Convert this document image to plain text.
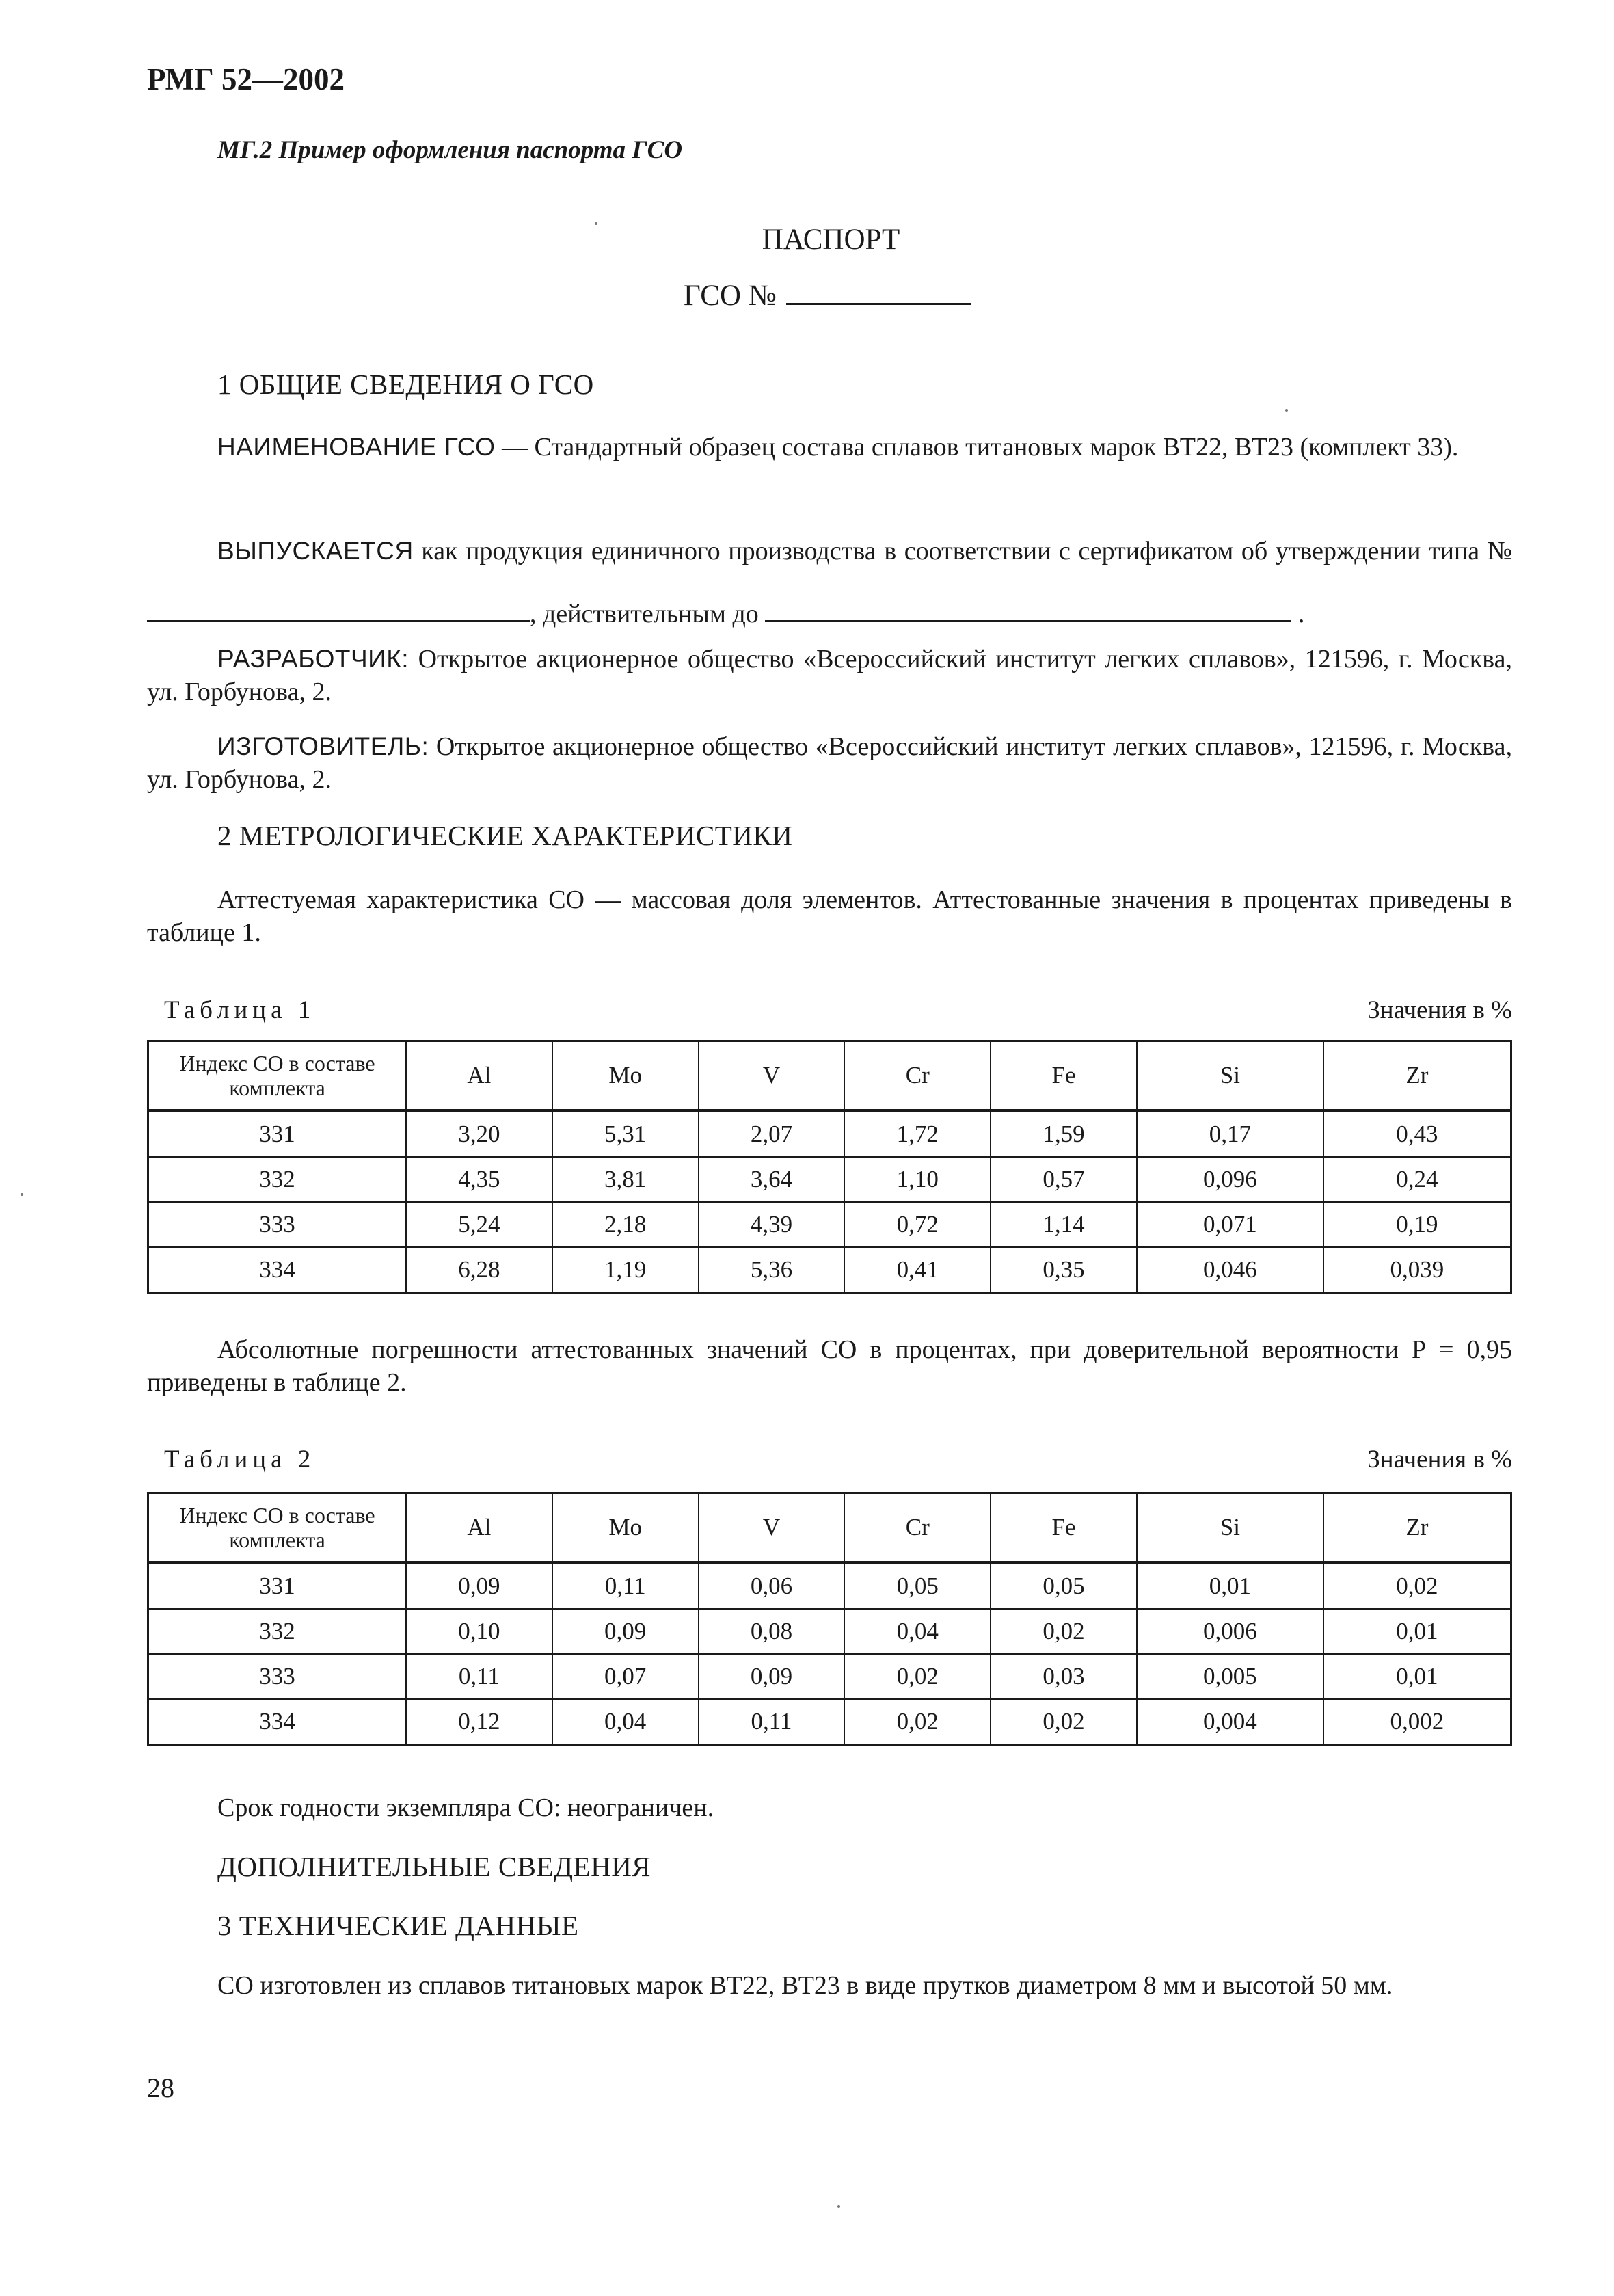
РМГ 52—2002
МГ.2 Пример оформления паспорта ГСО
ПАСПОРТ
ГСО №
1 ОБЩИЕ СВЕДЕНИЯ О ГСО
НАИМЕНОВАНИЕ ГСО — Стандартный образец состава сплавов титановых марок ВТ22, ВТ23 (комплект 33).
ВЫПУСКАЕТСЯ как продукция единичного производства в соответствии с сертификатом об утверждении типа № , действительным до	.
РАЗРАБОТЧИК: Открытое акционерное общество «Всероссийский институт легких сплавов», 121596, г. Москва, ул. Горбунова, 2.
ИЗГОТОВИТЕЛЬ: Открытое акционерное общество «Всероссийский институт легких сплавов», 121596, г. Москва, ул. Горбунова, 2.
2 МЕТРОЛОГИЧЕСКИЕ ХАРАКТЕРИСТИКИ
Аттестуемая характеристика СО — массовая доля элементов. Аттестованные значения в процентах приведены в таблице 1.
Таблица 1	Значения в %
Индекс СО в составе комплекта	Al	Mo	V	Cr	Fe	Si	Zr
331	3,20	5,31	2,07	1,72	1,59	0,17	0,43
332	4,35	3,81	3,64	1,10	0,57	0,096	0,24
333	5,24	2,18	4,39	0,72	1,14	0,071	0,19
334	6,28	1,19	5,36	0,41	0,35	0,046	0,039
Абсолютные погрешности аттестованных значений СО в процентах, при доверительной вероятности Р = 0,95 приведены в таблице 2.
Таблица 2	Значения в %
Индекс СО в составе комплекта	Al	Mo	V	Cr	Fe	Si	Zr
331	0,09	0,11	0,06	0,05	0,05	0,01	0,02
332	0,10	0,09	0,08	0,04	0,02	0,006	0,01
333	0,11	0,07	0,09	0,02	0,03	0,005	0,01
334	0,12	0,04	0,11	0,02	0,02	0,004	0,002
Срок годности экземпляра СО: неограничен.
ДОПОЛНИТЕЛЬНЫЕ СВЕДЕНИЯ
3 ТЕХНИЧЕСКИЕ ДАННЫЕ
СО изготовлен из сплавов титановых марок ВТ22, ВТ23 в виде прутков диаметром 8 мм и высотой 50 мм.
28
